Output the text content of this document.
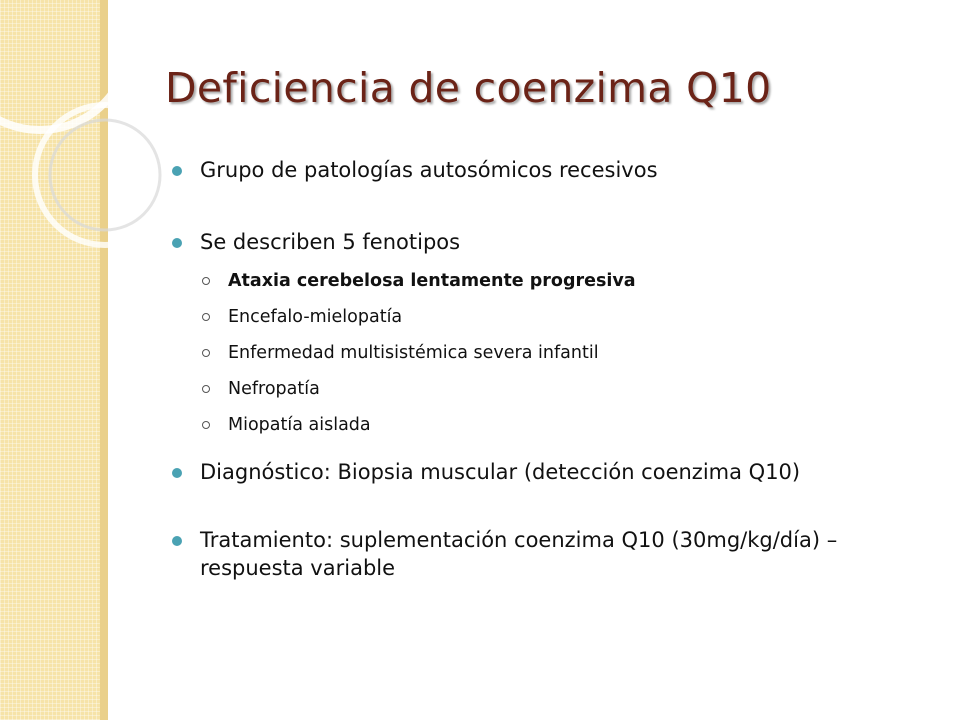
Deficiencia de coenzima Q10
Grupo de patologías autosómicos recesivos
Se describen 5 fenotipos
Ataxia cerebelosa lentamente progresiva
Encefalo-mielopatía
Enfermedad multisistémica severa infantil
Nefropatía
Miopatía aislada
Diagnóstico: Biopsia muscular (detección coenzima Q10)
Tratamiento: suplementación coenzima Q10 (30mg/kg/día) – respuesta variable
